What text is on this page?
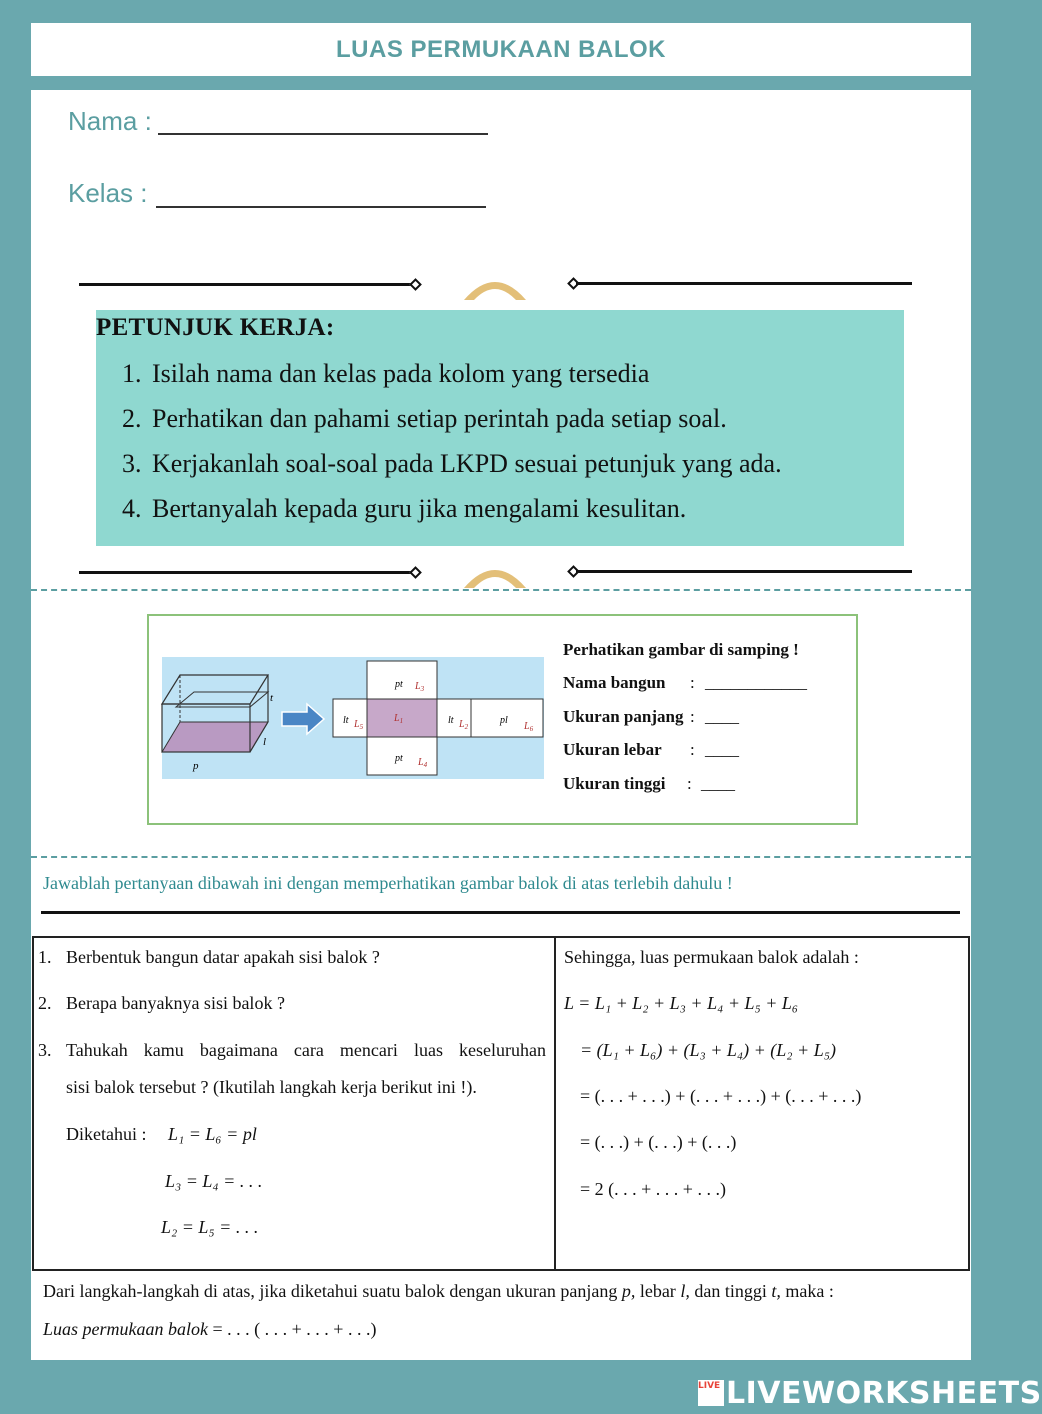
LUAS PERMUKAAN BALOK
Nama :
Kelas :
PETUNJUK KERJA:
1. Isilah nama dan kelas pada kolom yang tersedia
2. Perhatikan dan pahami setiap perintah pada setiap soal.
3. Kerjakanlah soal-soal pada LKPD sesuai petunjuk yang ada.
4. Bertanyalah kepada guru jika mengalami kesulitan.
t
l
p
pt $L_3$
lt $L_5$
$L_1$	lt $L_2$
pl
$L_6$
pt $L_4$
Perhatikan gambar di samping !
Nama bangun : ____________
Ukuran panjang : ____
Ukuran lebar : ____
Ukuran tinggi : ____
Jawablah pertanyaan dibawah ini dengan memperhatikan gambar balok di atas terlebih dahulu !
1. Berbentuk bangun datar apakah sisi balok ?
2. Berapa banyaknya sisi balok ?
3. Tahukah kamu bagaimana cara mencari luas keseluruhan
sisi balok tersebut ? (Ikutilah langkah kerja berikut ini !).
Diketahui : L₁ = L₆ = pl
L₃ = L₄ = . . .
L₂ = L₅ = . . .
Sehingga, luas permukaan balok adalah :
L = L₁ + L₂ + L₃ + L₄ + L₅ + L₆
= (L₁ + L₆) + (L₃ + L₄) + (L₂ + L₅)
= (. . . + . . .) + (. . . + . . .) + (. . . + . . .)
= (. . .) + (. . .) + (. . .)
= 2 (. . . + . . . + . . .)
Dari langkah-langkah di atas, jika diketahui suatu balok dengan ukuran panjang p, lebar l, dan tinggi t, maka :
Luas permukaan balok = . . . ( . . . + . . . + . . .)
LIVE LIVEWORKSHEETS
